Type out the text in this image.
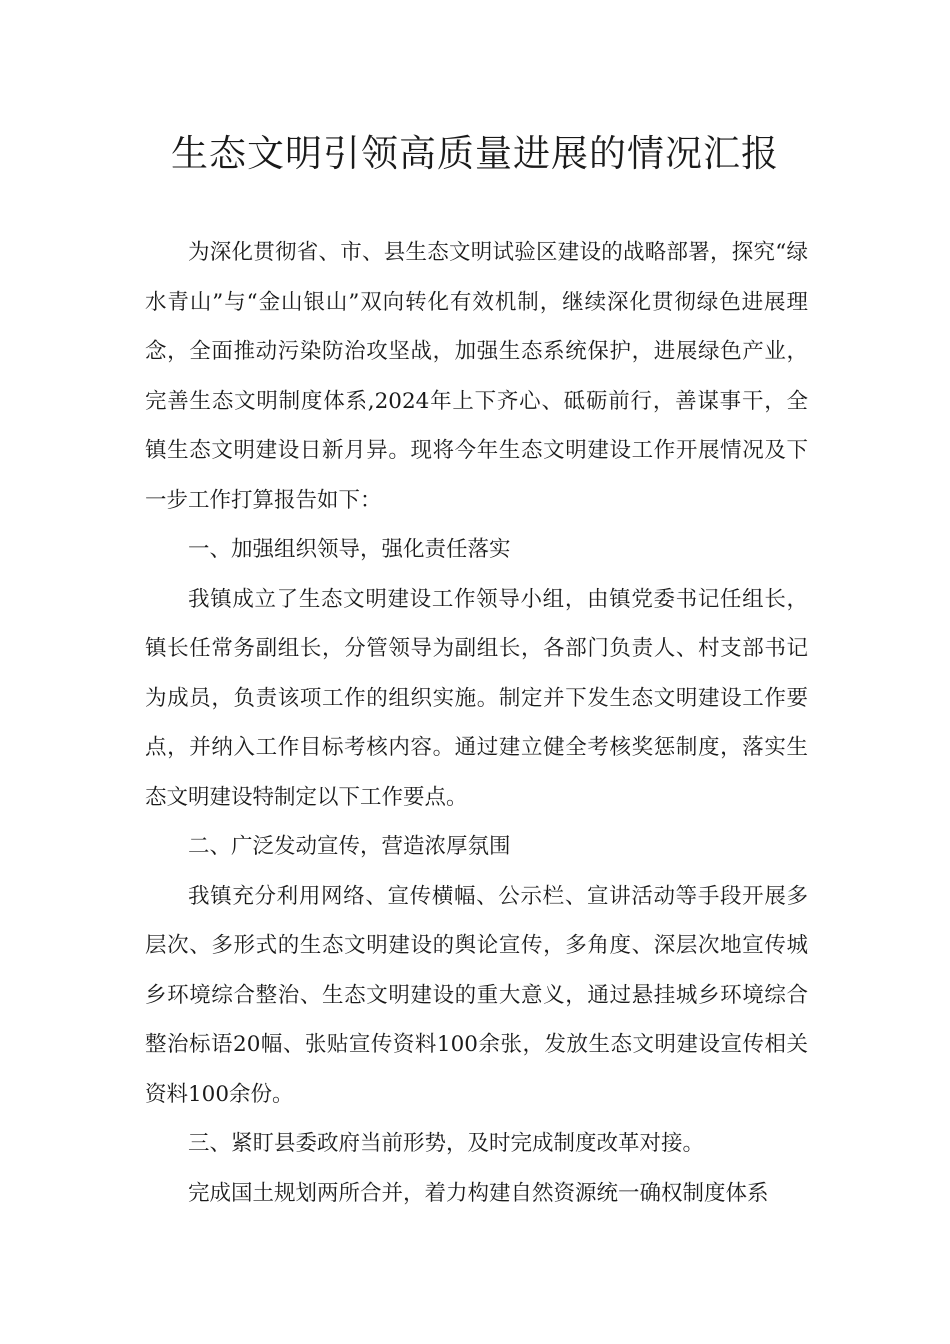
生态文明引领高质量进展的情况汇报

为深化贯彻省、市、县生态文明试验区建设的战略部署，探究“绿水青山”与“金山银山”双向转化有效机制，继续深化贯彻绿色进展理念，全面推动污染防治攻坚战，加强生态系统保护，进展绿色产业，完善生态文明制度体系,2024年上下齐心、砥砺前行，善谋事干，全镇生态文明建设日新月异。现将今年生态文明建设工作开展情况及下一步工作打算报告如下：

一、加强组织领导，强化责任落实

我镇成立了生态文明建设工作领导小组，由镇党委书记任组长，镇长任常务副组长，分管领导为副组长，各部门负责人、村支部书记为成员，负责该项工作的组织实施。制定并下发生态文明建设工作要点，并纳入工作目标考核内容。通过建立健全考核奖惩制度，落实生态文明建设特制定以下工作要点。

二、广泛发动宣传，营造浓厚氛围

我镇充分利用网络、宣传横幅、公示栏、宣讲活动等手段开展多层次、多形式的生态文明建设的舆论宣传，多角度、深层次地宣传城乡环境综合整治、生态文明建设的重大意义，通过悬挂城乡环境综合整治标语20幅、张贴宣传资料100余张，发放生态文明建设宣传相关资料100余份。

三、紧盯县委政府当前形势，及时完成制度改革对接。

完成国土规划两所合并，着力构建自然资源统一确权制度体系
